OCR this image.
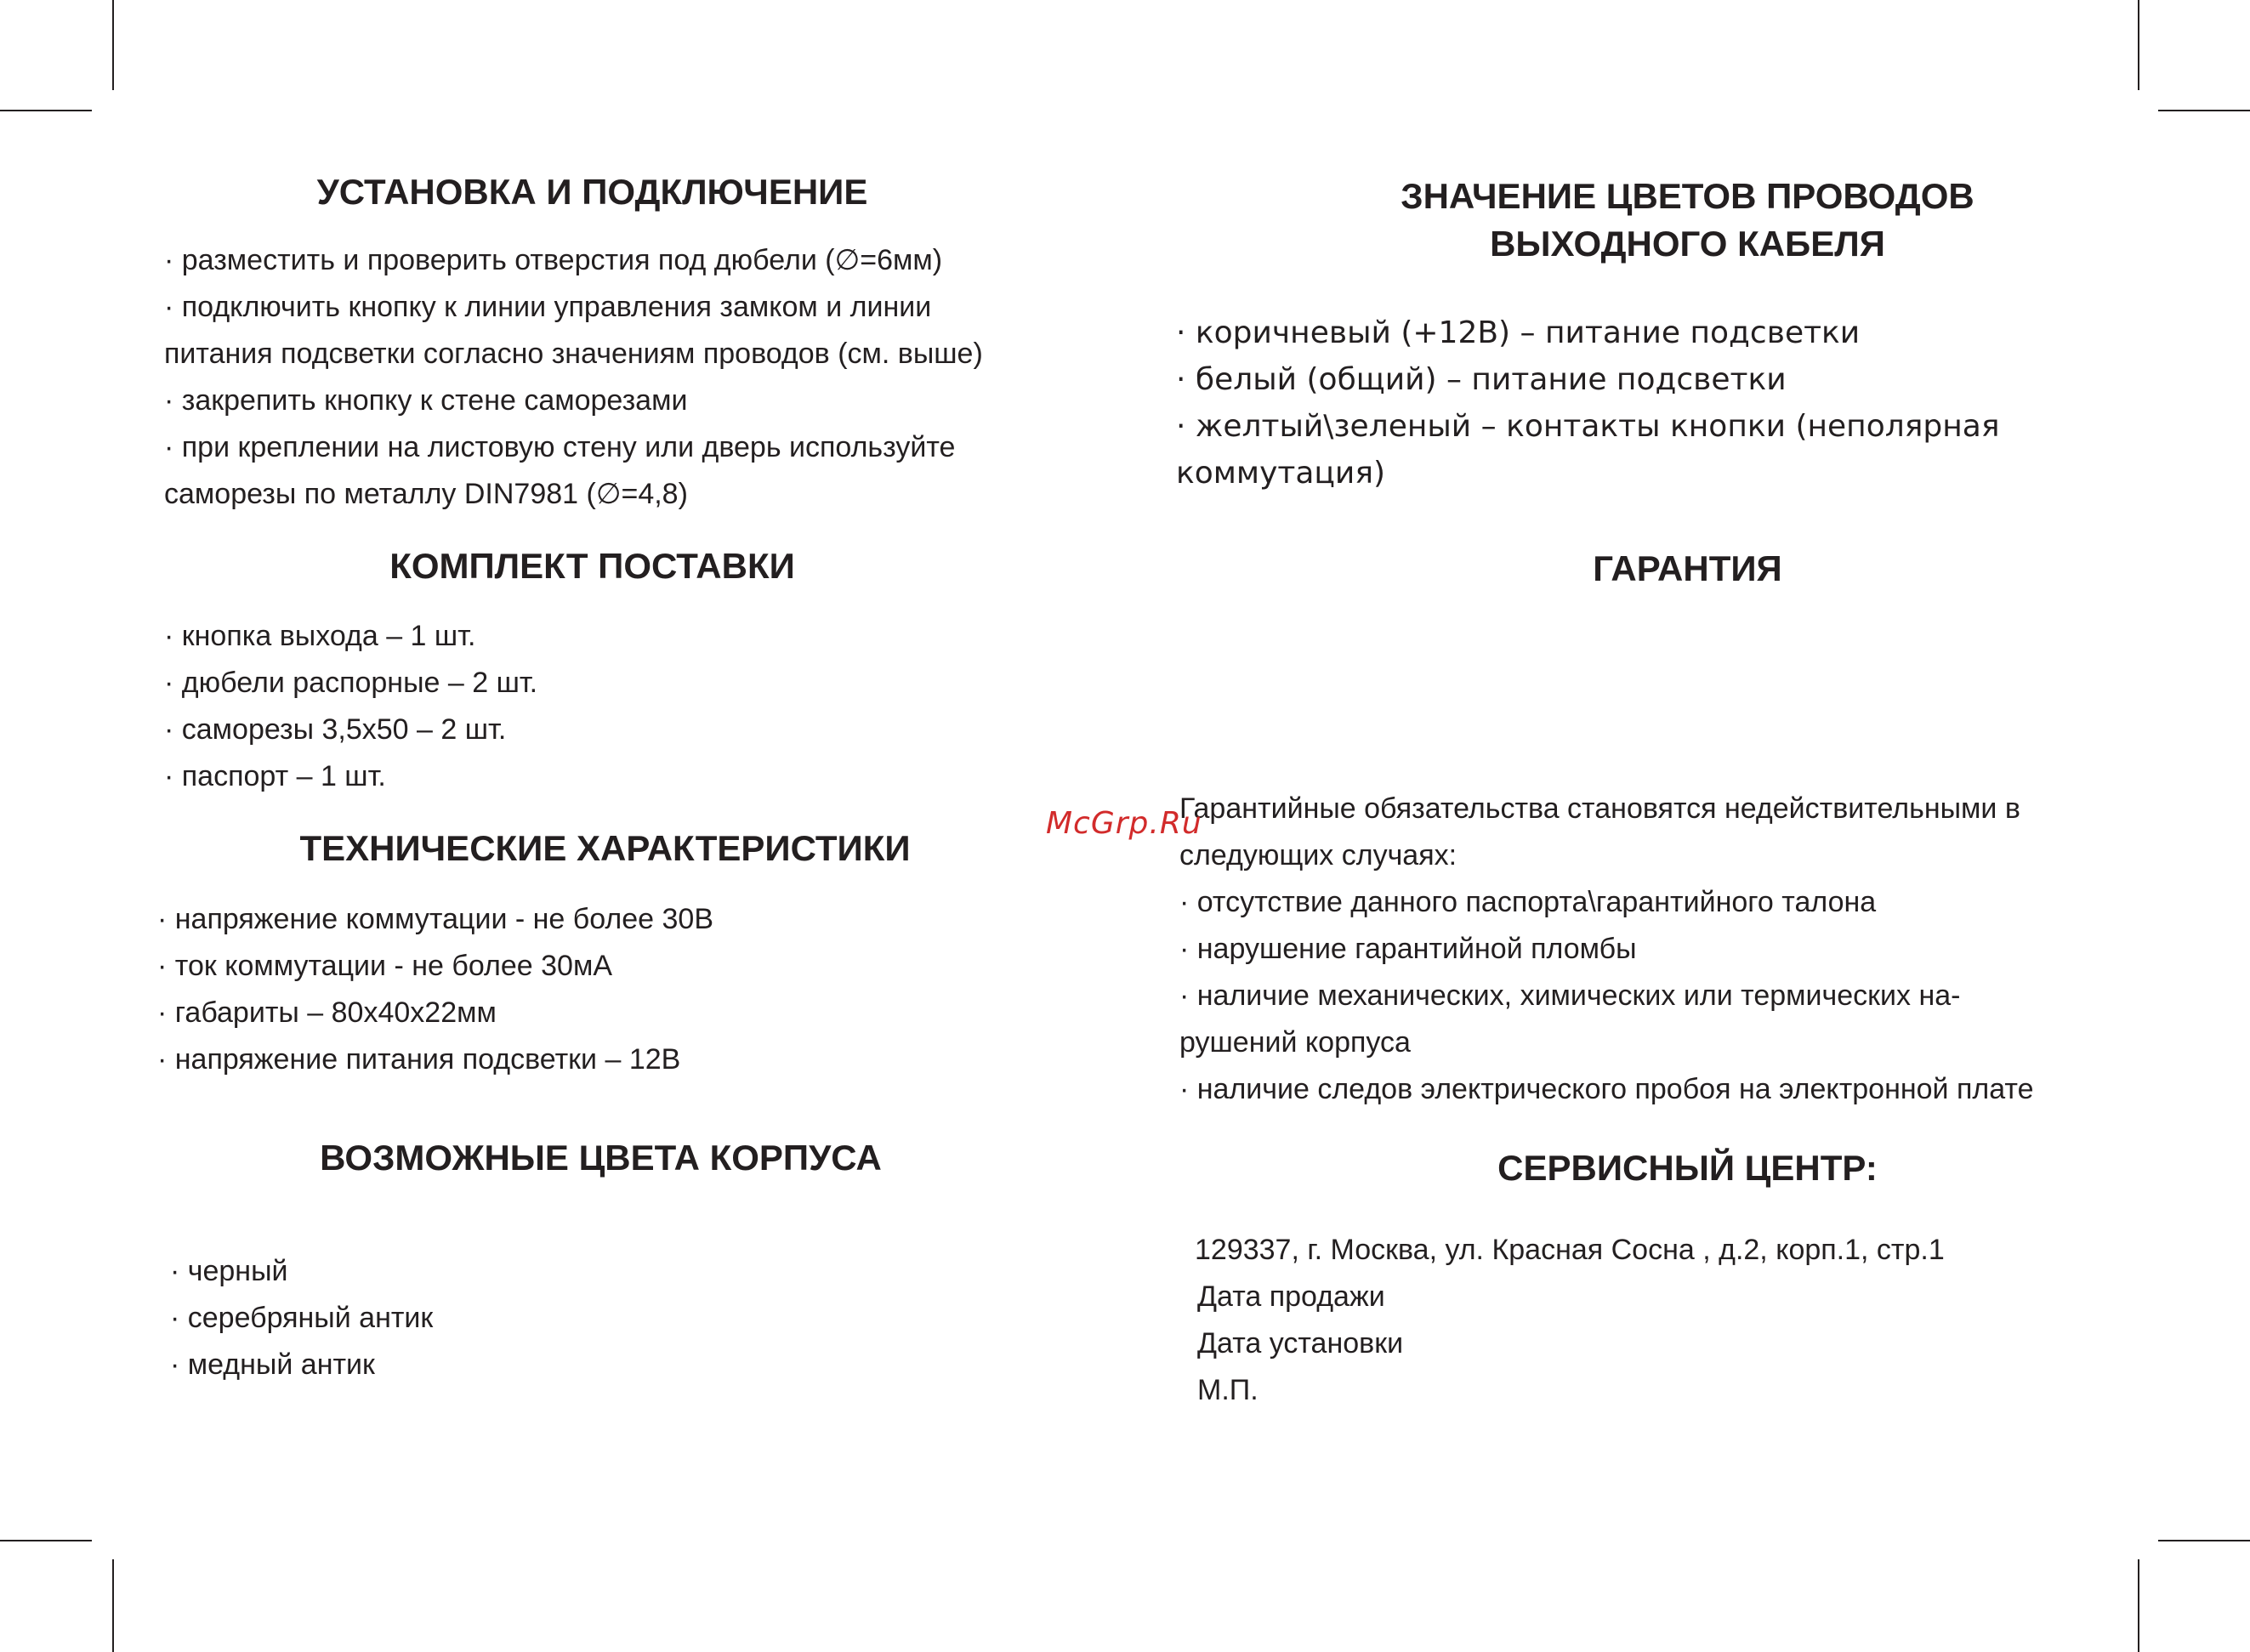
УСТАНОВКА И ПОДКЛЮЧЕНИЕ
· разместить и проверить отверстия под дюбели (∅=6мм)
· подключить кнопку к линии управления замком и линии
питания подсветки согласно значениям проводов (см. выше)
· закрепить кнопку к стене саморезами
· при креплении на листовую стену или дверь используйте
саморезы по металлу DIN7981 (∅=4,8)
КОМПЛЕКТ ПОСТАВКИ
· кнопка выхода – 1 шт.
· дюбели распорные – 2 шт.
· саморезы 3,5х50 – 2 шт.
· паспорт – 1 шт.
ТЕХНИЧЕСКИЕ ХАРАКТЕРИСТИКИ
· напряжение коммутации - не более 30В
· ток коммутации - не более 30мА
· габариты – 80х40х22мм
· напряжение питания подсветки – 12В
ВОЗМОЖНЫЕ ЦВЕТА КОРПУСА
· черный
· серебряный антик
· медный антик
ЗНАЧЕНИЕ ЦВЕТОВ ПРОВОДОВ
ВЫХОДНОГО КАБЕЛЯ
· коричневый (+12В) – питание подсветки
· белый (общий) – питание подсветки
· желтый\зеленый – контакты кнопки (неполярная
коммутация)
ГАРАНТИЯ
Гарантийные обязательства становятся недействительными в
следующих случаях:
· отсутствие данного паспорта\гарантийного талона
· нарушение гарантийной пломбы
· наличие механических, химических или термических на-
рушений корпуса
· наличие следов электрического пробоя на электронной плате
СЕРВИСНЫЙ ЦЕНТР:
129337, г. Москва, ул. Красная Сосна , д.2, корп.1, стр.1
Дата продажи
Дата установки
М.П.
McGrp.Ru
